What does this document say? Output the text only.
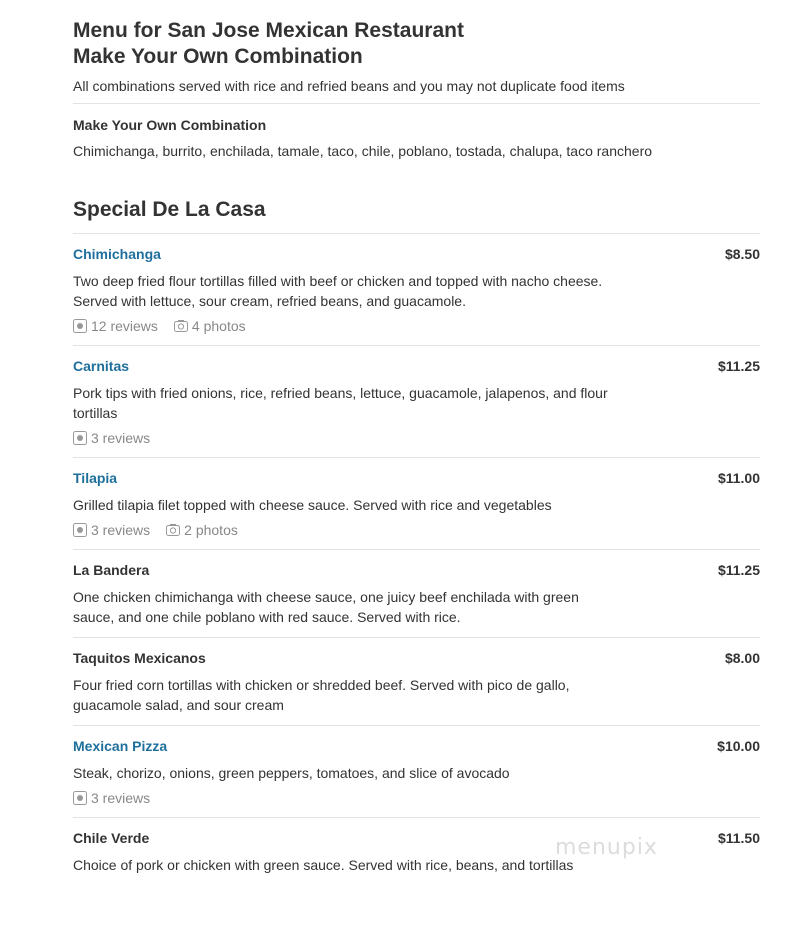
Menu for San Jose Mexican Restaurant
Make Your Own Combination
All combinations served with rice and refried beans and you may not duplicate food items
Make Your Own Combination
Chimichanga, burrito, enchilada, tamale, taco, chile, poblano, tostada, chalupa, taco ranchero
Special De La Casa
Chimichanga	$8.50
Two deep fried flour tortillas filled with beef or chicken and topped with nacho cheese. Served with lettuce, sour cream, refried beans, and guacamole.
12 reviews 4 photos
Carnitas	$11.25
Pork tips with fried onions, rice, refried beans, lettuce, guacamole, jalapenos, and flour tortillas
3 reviews
Tilapia	$11.00
Grilled tilapia filet topped with cheese sauce. Served with rice and vegetables
3 reviews 2 photos
La Bandera	$11.25
One chicken chimichanga with cheese sauce, one juicy beef enchilada with green sauce, and one chile poblano with red sauce. Served with rice.
Taquitos Mexicanos	$8.00
Four fried corn tortillas with chicken or shredded beef. Served with pico de gallo, guacamole salad, and sour cream
Mexican Pizza	$10.00
Steak, chorizo, onions, green peppers, tomatoes, and slice of avocado
3 reviews
Chile Verde	$11.50
Choice of pork or chicken with green sauce. Served with rice, beans, and tortillas
menupix
